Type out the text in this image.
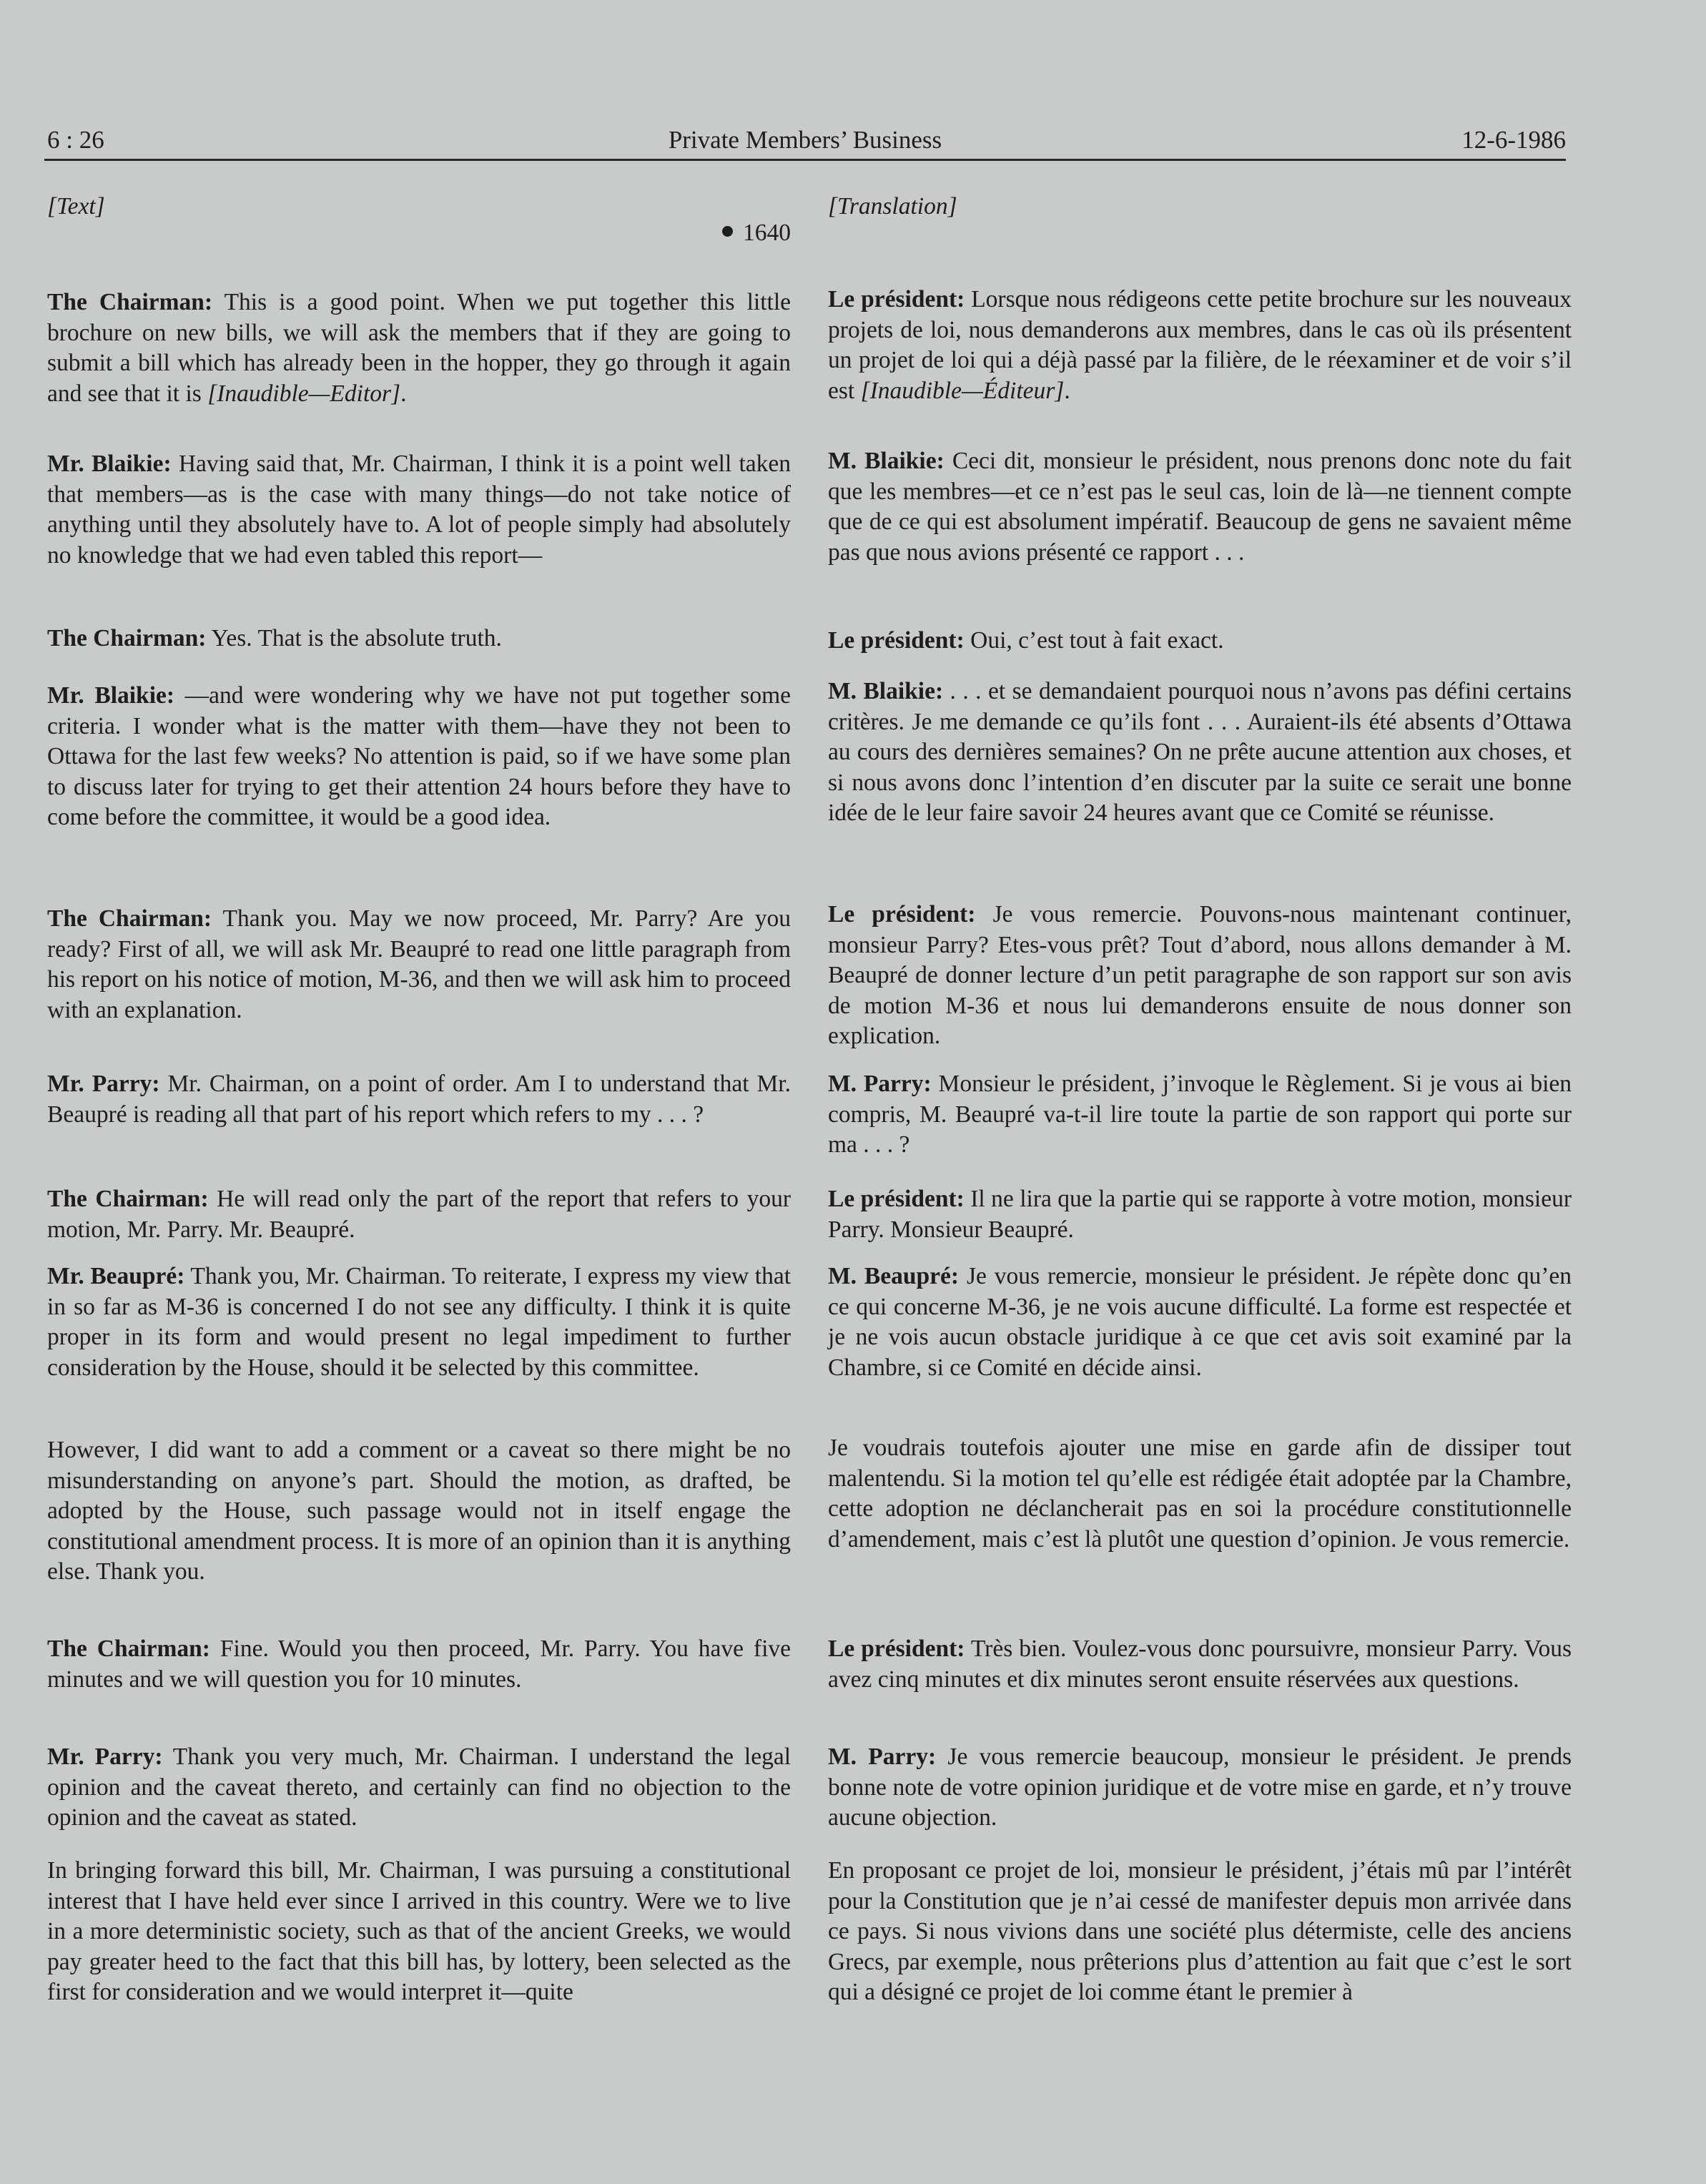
6 : 26	Private Members’ Business	12-6-1986

[Text]

1640

The Chairman: This is a good point. When we put together this little brochure on new bills, we will ask the members that if they are going to submit a bill which has already been in the hopper, they go through it again and see that it is [Inaudible—Editor].

Mr. Blaikie: Having said that, Mr. Chairman, I think it is a point well taken that members—as is the case with many things—do not take notice of anything until they absolutely have to. A lot of people simply had absolutely no knowledge that we had even tabled this report—

The Chairman: Yes. That is the absolute truth.

Mr. Blaikie: —and were wondering why we have not put together some criteria. I wonder what is the matter with them—have they not been to Ottawa for the last few weeks? No attention is paid, so if we have some plan to discuss later for trying to get their attention 24 hours before they have to come before the committee, it would be a good idea.

The Chairman: Thank you. May we now proceed, Mr. Parry? Are you ready? First of all, we will ask Mr. Beaupré to read one little paragraph from his report on his notice of motion, M-36, and then we will ask him to proceed with an explanation.

Mr. Parry: Mr. Chairman, on a point of order. Am I to understand that Mr. Beaupré is reading all that part of his report which refers to my . . . ?

The Chairman: He will read only the part of the report that refers to your motion, Mr. Parry. Mr. Beaupré.

Mr. Beaupré: Thank you, Mr. Chairman. To reiterate, I express my view that in so far as M-36 is concerned I do not see any difficulty. I think it is quite proper in its form and would present no legal impediment to further consideration by the House, should it be selected by this committee.

However, I did want to add a comment or a caveat so there might be no misunderstanding on anyone’s part. Should the motion, as drafted, be adopted by the House, such passage would not in itself engage the constitutional amendment process. It is more of an opinion than it is anything else. Thank you.

The Chairman: Fine. Would you then proceed, Mr. Parry. You have five minutes and we will question you for 10 minutes.

Mr. Parry: Thank you very much, Mr. Chairman. I understand the legal opinion and the caveat thereto, and certainly can find no objection to the opinion and the caveat as stated.

In bringing forward this bill, Mr. Chairman, I was pursuing a constitutional interest that I have held ever since I arrived in this country. Were we to live in a more deterministic society, such as that of the ancient Greeks, we would pay greater heed to the fact that this bill has, by lottery, been selected as the first for consideration and we would interpret it—quite

[Translation]

Le président: Lorsque nous rédigeons cette petite brochure sur les nouveaux projets de loi, nous demanderons aux membres, dans le cas où ils présentent un projet de loi qui a déjà passé par la filière, de le réexaminer et de voir s’il est [Inaudible—Éditeur].

M. Blaikie: Ceci dit, monsieur le président, nous prenons donc note du fait que les membres—et ce n’est pas le seul cas, loin de là—ne tiennent compte que de ce qui est absolument impératif. Beaucoup de gens ne savaient même pas que nous avions présenté ce rapport . . .

Le président: Oui, c’est tout à fait exact.

M. Blaikie: . . . et se demandaient pourquoi nous n’avons pas défini certains critères. Je me demande ce qu’ils font . . . Auraient-ils été absents d’Ottawa au cours des dernières semaines? On ne prête aucune attention aux choses, et si nous avons donc l’intention d’en discuter par la suite ce serait une bonne idée de le leur faire savoir 24 heures avant que ce Comité se réunisse.

Le président: Je vous remercie. Pouvons-nous maintenant continuer, monsieur Parry? Etes-vous prêt? Tout d’abord, nous allons demander à M. Beaupré de donner lecture d’un petit paragraphe de son rapport sur son avis de motion M-36 et nous lui demanderons ensuite de nous donner son explication.

M. Parry: Monsieur le président, j’invoque le Règlement. Si je vous ai bien compris, M. Beaupré va-t-il lire toute la partie de son rapport qui porte sur ma . . . ?

Le président: Il ne lira que la partie qui se rapporte à votre motion, monsieur Parry. Monsieur Beaupré.

M. Beaupré: Je vous remercie, monsieur le président. Je répète donc qu’en ce qui concerne M-36, je ne vois aucune difficulté. La forme est respectée et je ne vois aucun obstacle juridique à ce que cet avis soit examiné par la Chambre, si ce Comité en décide ainsi.

Je voudrais toutefois ajouter une mise en garde afin de dissiper tout malentendu. Si la motion tel qu’elle est rédigée était adoptée par la Chambre, cette adoption ne déclancherait pas en soi la procédure constitutionnelle d’amendement, mais c’est là plutôt une question d’opinion. Je vous remercie.

Le président: Très bien. Voulez-vous donc poursuivre, monsieur Parry. Vous avez cinq minutes et dix minutes seront ensuite réservées aux questions.

M. Parry: Je vous remercie beaucoup, monsieur le président. Je prends bonne note de votre opinion juridique et de votre mise en garde, et n’y trouve aucune objection.

En proposant ce projet de loi, monsieur le président, j’étais mû par l’intérêt pour la Constitution que je n’ai cessé de manifester depuis mon arrivée dans ce pays. Si nous vivions dans une société plus détermiste, celle des anciens Grecs, par exemple, nous prêterions plus d’attention au fait que c’est le sort qui a désigné ce projet de loi comme étant le premier à
